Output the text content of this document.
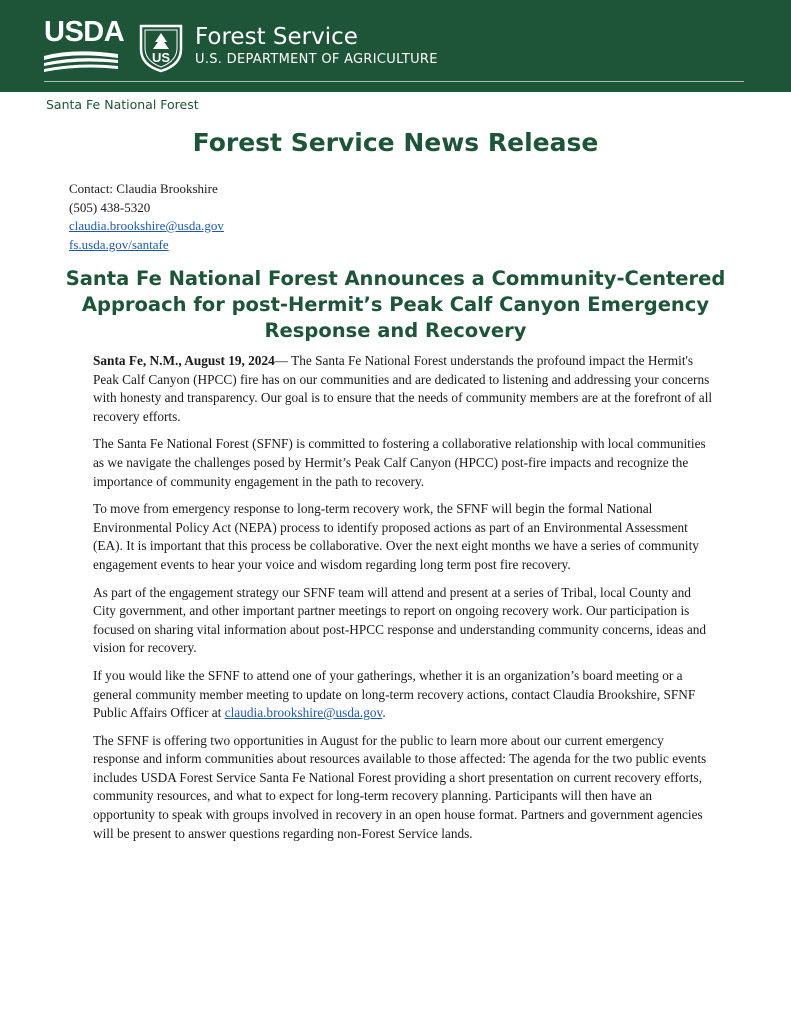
USDA
US
Forest Service
U.S. DEPARTMENT OF AGRICULTURE
Santa Fe National Forest
Forest Service News Release
Contact: Claudia Brookshire
(505) 438-5320
claudia.brookshire@usda.gov
fs.usda.gov/santafe
Santa Fe National Forest Announces a Community-Centered Approach for post-Hermit’s Peak Calf Canyon Emergency Response and Recovery

Santa Fe, N.M., August 19, 2024— The Santa Fe National Forest understands the profound impact the Hermit's Peak Calf Canyon (HPCC) fire has on our communities and are dedicated to listening and addressing your concerns with honesty and transparency. Our goal is to ensure that the needs of community members are at the forefront of all recovery efforts.

The Santa Fe National Forest (SFNF) is committed to fostering a collaborative relationship with local communities as we navigate the challenges posed by Hermit’s Peak Calf Canyon (HPCC) post-fire impacts and recognize the importance of community engagement in the path to recovery.

To move from emergency response to long-term recovery work, the SFNF will begin the formal National Environmental Policy Act (NEPA) process to identify proposed actions as part of an Environmental Assessment (EA). It is important that this process be collaborative. Over the next eight months we have a series of community engagement events to hear your voice and wisdom regarding long term post fire recovery.

As part of the engagement strategy our SFNF team will attend and present at a series of Tribal, local County and City government, and other important partner meetings to report on ongoing recovery work. Our participation is focused on sharing vital information about post-HPCC response and understanding community concerns, ideas and vision for recovery.

If you would like the SFNF to attend one of your gatherings, whether it is an organization’s board meeting or a general community member meeting to update on long-term recovery actions, contact Claudia Brookshire, SFNF Public Affairs Officer at claudia.brookshire@usda.gov.

The SFNF is offering two opportunities in August for the public to learn more about our current emergency response and inform communities about resources available to those affected: The agenda for the two public events includes USDA Forest Service Santa Fe National Forest providing a short presentation on current recovery efforts, community resources, and what to expect for long-term recovery planning. Participants will then have an opportunity to speak with groups involved in recovery in an open house format. Partners and government agencies will be present to answer questions regarding non-Forest Service lands.
